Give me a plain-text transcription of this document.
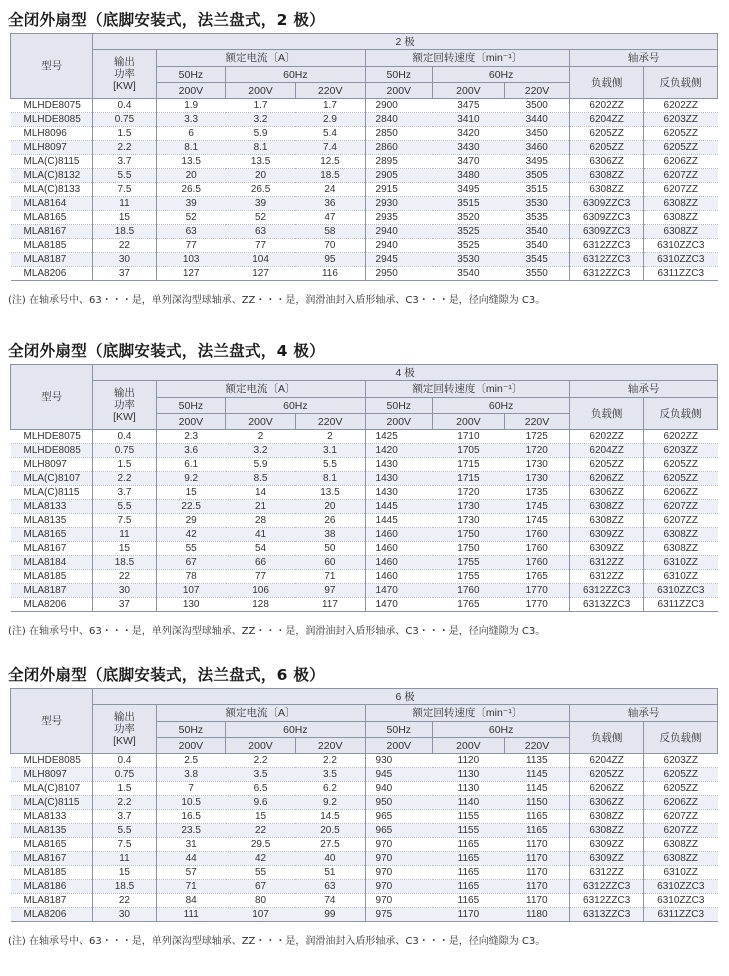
全闭外扇型（底脚安装式，法兰盘式，2 极）
型号	2 极								

	输出
功率
[KW]	额定电流〔A〕			额定回转速度〔min⁻¹〕			轴承号	
		50Hz	60Hz		50Hz	60Hz		负载侧	反负载侧
		200V	200V	220V	200V	200V	220V		
MLHDE8075	0.4	1.9	1.7	1.7	2900	3475	3500	6202ZZ	6202ZZ
MLHDE8085	0.75	3.3	3.2	2.9	2840	3410	3440	6204ZZ	6203ZZ
MLH8096	1.5	6	5.9	5.4	2850	3420	3450	6205ZZ	6205ZZ
MLH8097	2.2	8.1	8.1	7.4	2860	3430	3460	6205ZZ	6205ZZ
MLA(C)8115	3.7	13.5	13.5	12.5	2895	3470	3495	6306ZZ	6206ZZ
MLA(C)8132	5.5	20	20	18.5	2905	3480	3505	6308ZZ	6207ZZ
MLA(C)8133	7.5	26.5	26.5	24	2915	3495	3515	6308ZZ	6207ZZ
MLA8164	11	39	39	36	2930	3515	3530	6309ZZC3	6308ZZ
MLA8165	15	52	52	47	2935	3520	3535	6309ZZC3	6308ZZ
MLA8167	18.5	63	63	58	2940	3525	3540	6309ZZC3	6308ZZ
MLA8185	22	77	77	70	2940	3525	3540	6312ZZC3	6310ZZC3
MLA8187	30	103	104	95	2945	3530	3545	6312ZZC3	6310ZZC3
MLA8206	37	127	127	116	2950	3540	3550	6312ZZC3	6311ZZC3
(注) 在轴承号中、63・・・是，单列深沟型球轴承、ZZ・・・是，润滑油封入盾形轴承、C3・・・是，径向缝隙为 C3。
全闭外扇型（底脚安装式，法兰盘式，4 极）
型号	4 极								

	输出
功率
[KW]	额定电流〔A〕			额定回转速度〔min⁻¹〕			轴承号	
		50Hz	60Hz		50Hz	60Hz		负载侧	反负载侧
		200V	200V	220V	200V	200V	220V		
MLHDE8075	0.4	2.3	2	2	1425	1710	1725	6202ZZ	6202ZZ
MLHDE8085	0.75	3.6	3.2	3.1	1420	1705	1720	6204ZZ	6203ZZ
MLH8097	1.5	6.1	5.9	5.5	1430	1715	1730	6205ZZ	6205ZZ
MLA(C)8107	2.2	9.2	8.5	8.1	1430	1715	1730	6206ZZ	6205ZZ
MLA(C)8115	3.7	15	14	13.5	1430	1720	1735	6306ZZ	6206ZZ
MLA8133	5.5	22.5	21	20	1445	1730	1745	6308ZZ	6207ZZ
MLA8135	7.5	29	28	26	1445	1730	1745	6308ZZ	6207ZZ
MLA8165	11	42	41	38	1460	1750	1760	6309ZZ	6308ZZ
MLA8167	15	55	54	50	1460	1750	1760	6309ZZ	6308ZZ
MLA8184	18.5	67	66	60	1460	1755	1760	6312ZZ	6310ZZ
MLA8185	22	78	77	71	1460	1755	1765	6312ZZ	6310ZZ
MLA8187	30	107	106	97	1470	1760	1770	6312ZZC3	6310ZZC3
MLA8206	37	130	128	117	1470	1765	1770	6313ZZC3	6311ZZC3
(注) 在轴承号中、63・・・是，单列深沟型球轴承、ZZ・・・是，润滑油封入盾形轴承、C3・・・是，径向缝隙为 C3。
全闭外扇型（底脚安装式，法兰盘式，6 极）
型号	6 极								

	输出
功率
[KW]	额定电流〔A〕			额定回转速度〔min⁻¹〕			轴承号	
		50Hz	60Hz		50Hz	60Hz		负载侧	反负载侧
		200V	200V	220V	200V	200V	220V		
MLHDE8085	0.4	2.5	2.2	2.2	930	1120	1135	6204ZZ	6203ZZ
MLH8097	0.75	3.8	3.5	3.5	945	1130	1145	6205ZZ	6205ZZ
MLA(C)8107	1.5	7	6.5	6.2	940	1130	1145	6206ZZ	6205ZZ
MLA(C)8115	2.2	10.5	9.6	9.2	950	1140	1150	6306ZZ	6206ZZ
MLA8133	3.7	16.5	15	14.5	965	1155	1165	6308ZZ	6207ZZ
MLA8135	5.5	23.5	22	20.5	965	1155	1165	6308ZZ	6207ZZ
MLA8165	7.5	31	29.5	27.5	970	1165	1170	6309ZZ	6308ZZ
MLA8167	11	44	42	40	970	1165	1170	6309ZZ	6308ZZ
MLA8185	15	57	55	51	970	1165	1170	6312ZZ	6310ZZ
MLA8186	18.5	71	67	63	970	1165	1170	6312ZZC3	6310ZZC3
MLA8187	22	84	80	74	970	1165	1170	6312ZZC3	6310ZZC3
MLA8206	30	111	107	99	975	1170	1180	6313ZZC3	6311ZZC3
(注) 在轴承号中、63・・・是，单列深沟型球轴承、ZZ・・・是，润滑油封入盾形轴承、C3・・・是，径向缝隙为 C3。
